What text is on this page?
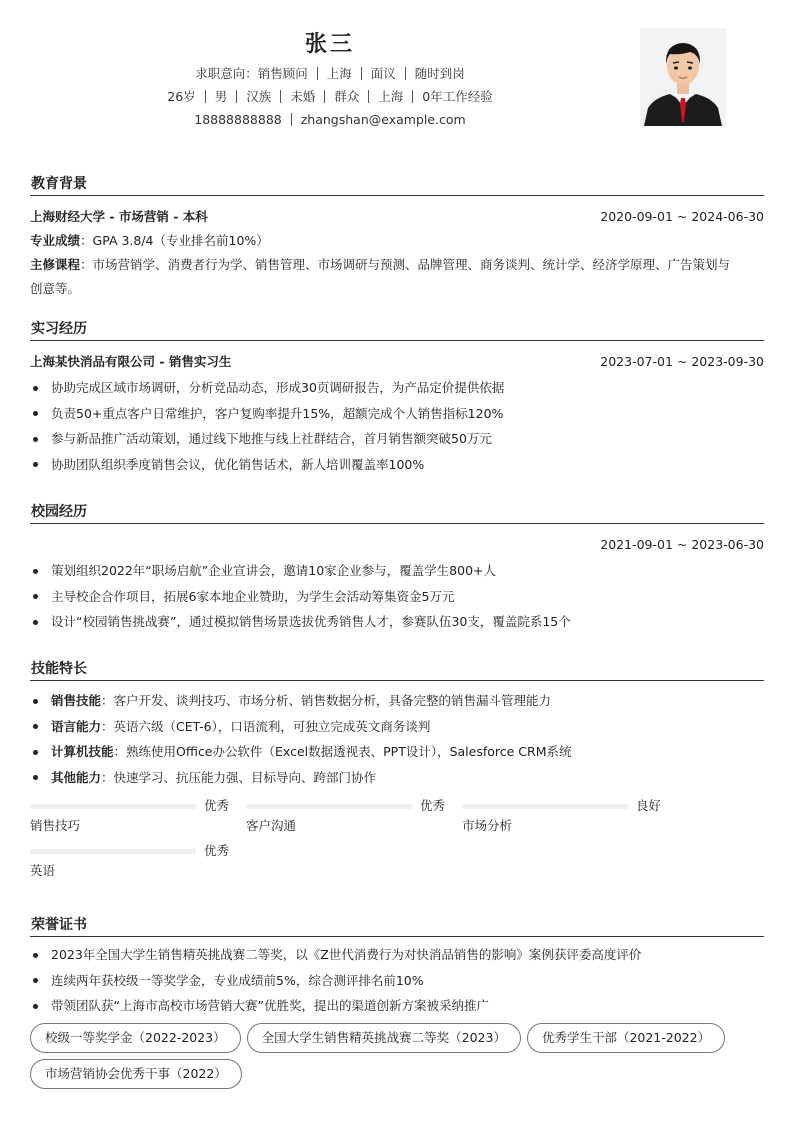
张三
求职意向：销售顾问 上海 面议 随时到岗
26岁 男 汉族 未婚 群众 上海 0年工作经验
18888888888 zhangshan@example.com
教育背景
上海财经大学 - 市场营销 - 本科	2020-09-01 ~ 2024-06-30
专业成绩：GPA 3.8/4（专业排名前10%）
主修课程：市场营销学、消费者行为学、销售管理、市场调研与预测、品牌管理、商务谈判、统计学、经济学原理、广告策划与
创意等。
实习经历
上海某快消品有限公司 - 销售实习生	2023-07-01 ~ 2023-09-30
协助完成区域市场调研，分析竞品动态，形成30页调研报告，为产品定价提供依据
负责50+重点客户日常维护，客户复购率提升15%，超额完成个人销售指标120%
参与新品推广活动策划，通过线下地推与线上社群结合，首月销售额突破50万元
协助团队组织季度销售会议，优化销售话术，新人培训覆盖率100%
校园经历
2021-09-01 ~ 2023-06-30
策划组织2022年“职场启航”企业宣讲会，邀请10家企业参与，覆盖学生800+人
主导校企合作项目，拓展6家本地企业赞助，为学生会活动筹集资金5万元
设计“校园销售挑战赛”，通过模拟销售场景选拔优秀销售人才，参赛队伍30支，覆盖院系15个
技能特长
销售技能：客户开发、谈判技巧、市场分析、销售数据分析，具备完整的销售漏斗管理能力
语言能力：英语六级（CET-6），口语流利，可独立完成英文商务谈判
计算机技能：熟练使用Office办公软件（Excel数据透视表、PPT设计），Salesforce CRM系统
其他能力：快速学习、抗压能力强、目标导向、跨部门协作
优秀
销售技巧
优秀
客户沟通
良好
市场分析
优秀
英语
荣誉证书
2023年全国大学生销售精英挑战赛二等奖，以《Z世代消费行为对快消品销售的影响》案例获评委高度评价
连续两年获校级一等奖学金，专业成绩前5%，综合测评排名前10%
带领团队获“上海市高校市场营销大赛”优胜奖，提出的渠道创新方案被采纳推广
校级一等奖学金（2022-2023）	全国大学生销售精英挑战赛二等奖（2023）	优秀学生干部（2021-2022）
市场营销协会优秀干事（2022）
